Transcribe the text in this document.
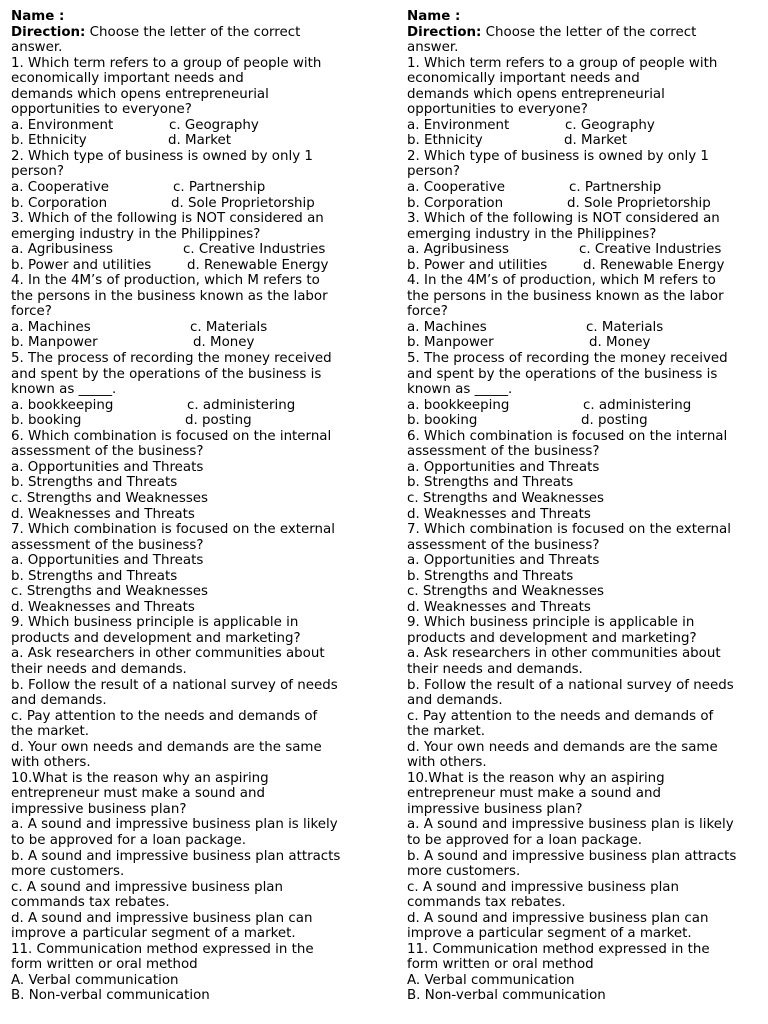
Name :
Direction: Choose the letter of the correct
answer.
1. Which term refers to a group of people with
economically important needs and
demands which opens entrepreneurial
opportunities to everyone?
a. Environment	c. Geography
b. Ethnicity	d. Market
2. Which type of business is owned by only 1
person?
a. Cooperative	c. Partnership
b. Corporation	d. Sole Proprietorship
3. Which of the following is NOT considered an
emerging industry in the Philippines?
a. Agribusiness	c. Creative Industries
b. Power and utilities	d. Renewable Energy
4. In the 4M’s of production, which M refers to
the persons in the business known as the labor
force?
a. Machines	c. Materials
b. Manpower	d. Money
5. The process of recording the money received
and spent by the operations of the business is
known as _____.
a. bookkeeping	c. administering
b. booking	d. posting
6. Which combination is focused on the internal
assessment of the business?
a. Opportunities and Threats
b. Strengths and Threats
c. Strengths and Weaknesses
d. Weaknesses and Threats
7. Which combination is focused on the external
assessment of the business?
a. Opportunities and Threats
b. Strengths and Threats
c. Strengths and Weaknesses
d. Weaknesses and Threats
9. Which business principle is applicable in
products and development and marketing?
a. Ask researchers in other communities about
their needs and demands.
b. Follow the result of a national survey of needs
and demands.
c. Pay attention to the needs and demands of
the market.
d. Your own needs and demands are the same
with others.
10.What is the reason why an aspiring
entrepreneur must make a sound and
impressive business plan?
a. A sound and impressive business plan is likely
to be approved for a loan package.
b. A sound and impressive business plan attracts
more customers.
c. A sound and impressive business plan
commands tax rebates.
d. A sound and impressive business plan can
improve a particular segment of a market.
11. Communication method expressed in the
form written or oral method
A. Verbal communication
B. Non-verbal communication
Name :
Direction: Choose the letter of the correct
answer.
1. Which term refers to a group of people with
economically important needs and
demands which opens entrepreneurial
opportunities to everyone?
a. Environment	c. Geography
b. Ethnicity	d. Market
2. Which type of business is owned by only 1
person?
a. Cooperative	c. Partnership
b. Corporation	d. Sole Proprietorship
3. Which of the following is NOT considered an
emerging industry in the Philippines?
a. Agribusiness	c. Creative Industries
b. Power and utilities	d. Renewable Energy
4. In the 4M’s of production, which M refers to
the persons in the business known as the labor
force?
a. Machines	c. Materials
b. Manpower	d. Money
5. The process of recording the money received
and spent by the operations of the business is
known as _____.
a. bookkeeping	c. administering
b. booking	d. posting
6. Which combination is focused on the internal
assessment of the business?
a. Opportunities and Threats
b. Strengths and Threats
c. Strengths and Weaknesses
d. Weaknesses and Threats
7. Which combination is focused on the external
assessment of the business?
a. Opportunities and Threats
b. Strengths and Threats
c. Strengths and Weaknesses
d. Weaknesses and Threats
9. Which business principle is applicable in
products and development and marketing?
a. Ask researchers in other communities about
their needs and demands.
b. Follow the result of a national survey of needs
and demands.
c. Pay attention to the needs and demands of
the market.
d. Your own needs and demands are the same
with others.
10.What is the reason why an aspiring
entrepreneur must make a sound and
impressive business plan?
a. A sound and impressive business plan is likely
to be approved for a loan package.
b. A sound and impressive business plan attracts
more customers.
c. A sound and impressive business plan
commands tax rebates.
d. A sound and impressive business plan can
improve a particular segment of a market.
11. Communication method expressed in the
form written or oral method
A. Verbal communication
B. Non-verbal communication
